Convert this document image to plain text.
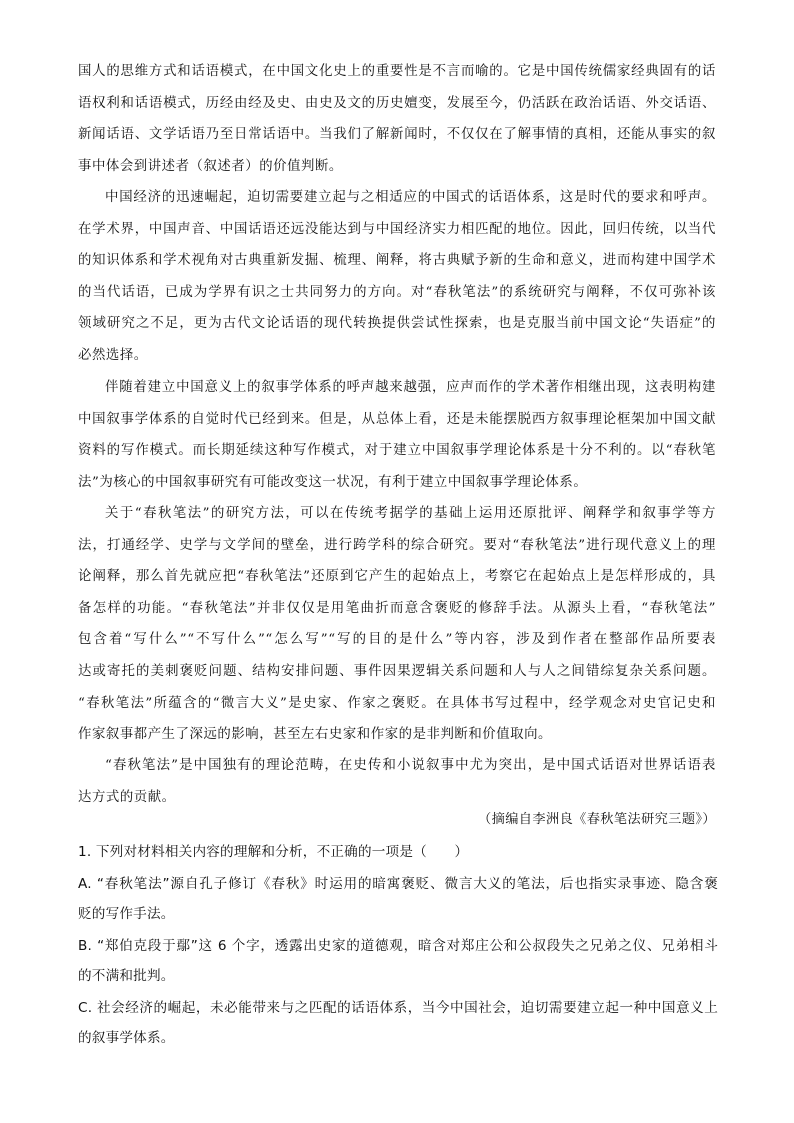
国人的思维方式和话语模式，在中国文化史上的重要性是不言而喻的。它是中国传统儒家经典固有的话
语权利和话语模式，历经由经及史、由史及文的历史嬗变，发展至今，仍活跃在政治话语、外交话语、
新闻话语、文学话语乃至日常话语中。当我们了解新闻时，不仅仅在了解事情的真相，还能从事实的叙
事中体会到讲述者（叙述者）的价值判断。
中国经济的迅速崛起，迫切需要建立起与之相适应的中国式的话语体系，这是时代的要求和呼声。
在学术界，中国声音、中国话语还远没能达到与中国经济实力相匹配的地位。因此，回归传统，以当代
的知识体系和学术视角对古典重新发掘、梳理、阐释，将古典赋予新的生命和意义，进而构建中国学术
的当代话语，已成为学界有识之士共同努力的方向。对“春秋笔法”的系统研究与阐释，不仅可弥补该
领域研究之不足，更为古代文论话语的现代转换提供尝试性探索，也是克服当前中国文论“失语症”的
必然选择。
伴随着建立中国意义上的叙事学体系的呼声越来越强，应声而作的学术著作相继出现，这表明构建
中国叙事学体系的自觉时代已经到来。但是，从总体上看，还是未能摆脱西方叙事理论框架加中国文献
资料的写作模式。而长期延续这种写作模式，对于建立中国叙事学理论体系是十分不利的。以“春秋笔
法”为核心的中国叙事研究有可能改变这一状况，有利于建立中国叙事学理论体系。
关于“春秋笔法”的研究方法，可以在传统考据学的基础上运用还原批评、阐释学和叙事学等方
法，打通经学、史学与文学间的壁垒，进行跨学科的综合研究。要对“春秋笔法”进行现代意义上的理
论阐释，那么首先就应把“春秋笔法”还原到它产生的起始点上，考察它在起始点上是怎样形成的，具
备怎样的功能。“春秋笔法”并非仅仅是用笔曲折而意含褒贬的修辞手法。从源头上看，“春秋笔法”
包含着“写什么”“不写什么”“怎么写”“写的目的是什么”等内容，涉及到作者在整部作品所要表
达或寄托的美刺褒贬问题、结构安排问题、事件因果逻辑关系问题和人与人之间错综复杂关系问题。
“春秋笔法”所蕴含的“微言大义”是史家、作家之褒贬。在具体书写过程中，经学观念对史官记史和
作家叙事都产生了深远的影响，甚至左右史家和作家的是非判断和价值取向。
“春秋笔法”是中国独有的理论范畴，在史传和小说叙事中尤为突出，是中国式话语对世界话语表
达方式的贡献。
（摘编自李洲良《春秋笔法研究三题》）
1. 下列对材料相关内容的理解和分析，不正确的一项是（　　）
A. “春秋笔法”源自孔子修订《春秋》时运用的暗寓褒贬、微言大义的笔法，后也指实录事迹、隐含褒
贬的写作手法。
B. “郑伯克段于鄢”这 6 个字，透露出史家的道德观，暗含对郑庄公和公叔段失之兄弟之仪、兄弟相斗
的不满和批判。
C. 社会经济的崛起，未必能带来与之匹配的话语体系，当今中国社会，迫切需要建立起一种中国意义上
的叙事学体系。
